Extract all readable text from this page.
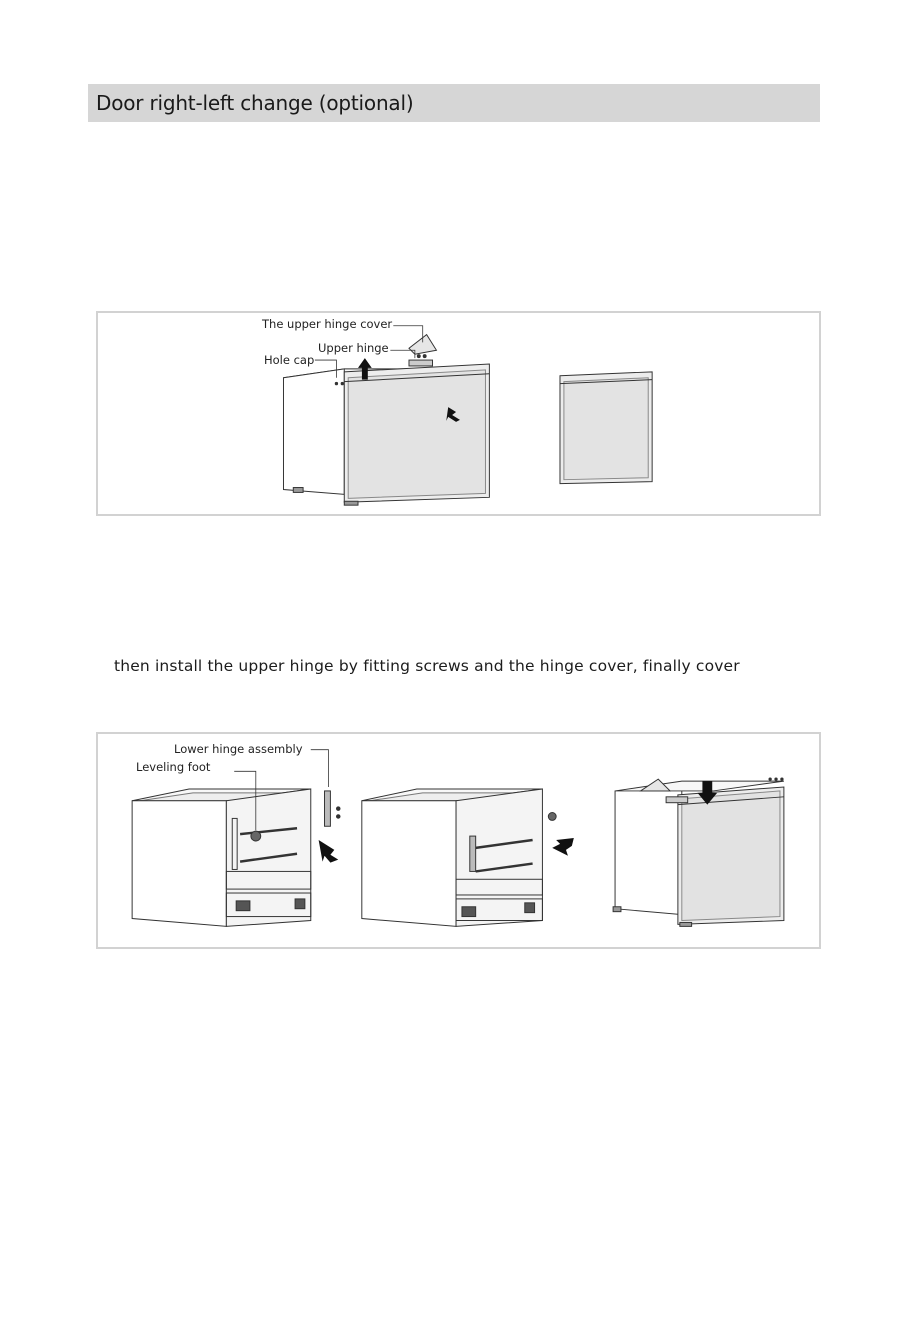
Door right-left change (optional)
The upper hinge cover
Upper hinge
Hole cap
then install the upper hinge by fitting screws and the hinge cover, finally cover
Lower hinge assembly
Leveling foot
